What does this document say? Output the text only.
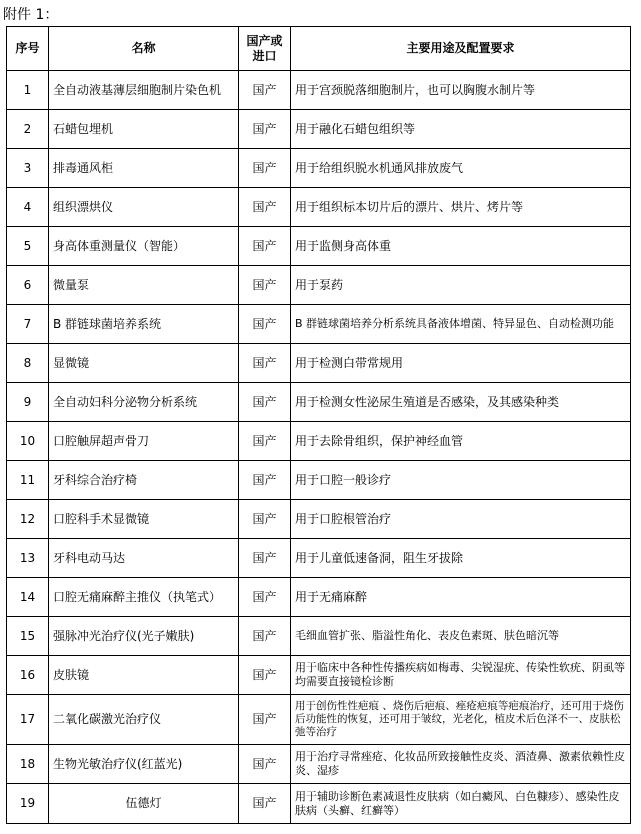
附件 1：
序号	名称	国产或进口	主要用途及配置要求
1	全自动液基薄层细胞制片染色机	国产	用于宫颈脱落细胞制片，也可以胸腹水制片等
2	石蜡包埋机	国产	用于融化石蜡包组织等
3	排毒通风柜	国产	用于给组织脱水机通风排放废气
4	组织漂烘仪	国产	用于组织标本切片后的漂片、烘片、烤片等
5	身高体重测量仪（智能）	国产	用于监侧身高体重
6	微量泵	国产	用于泵药
7	B 群链球菌培养系统	国产	B 群链球菌培养分析系统具备液体增菌、特异显色、自动检测功能
8	显微镜	国产	用于检测白带常规用
9	全自动妇科分泌物分析系统	国产	用于检测女性泌尿生殖道是否感染，及其感染种类
10	口腔触屏超声骨刀	国产	用于去除骨组织，保护神经血管
11	牙科综合治疗椅	国产	用于口腔一般诊疗
12	口腔科手术显微镜	国产	用于口腔根管治疗
13	牙科电动马达	国产	用于儿童低速备洞，阻生牙拔除
14	口腔无痛麻醉主推仪（执笔式）	国产	用于无痛麻醉
15	强脉冲光治疗仪(光子嫩肤)	国产	毛细血管扩张、脂溢性角化、表皮色素斑、肤色暗沉等
16	皮肤镜	国产	用于临床中各种性传播疾病如梅毒、尖锐湿疣、传染性软疣、阴虱等均需要直接镜检诊断
17	二氧化碳激光治疗仪	国产	用于创伤性性疤痕 、烧伤后疤痕、痤疮疤痕等疤痕治疗，还可用于烧伤后功能性的恢复，还可用于皱纹，光老化，植皮术后色泽不一、皮肤松弛等治疗
18	生物光敏治疗仪(红蓝光)	国产	用于治疗寻常痤疮、化妆品所致接触性皮炎、酒渣鼻、激素依赖性皮炎、湿疹
19	伍德灯	国产	用于辅助诊断色素减退性皮肤病（如白癜风、白色糠疹）、感染性皮肤病（头癣、红癣等）
